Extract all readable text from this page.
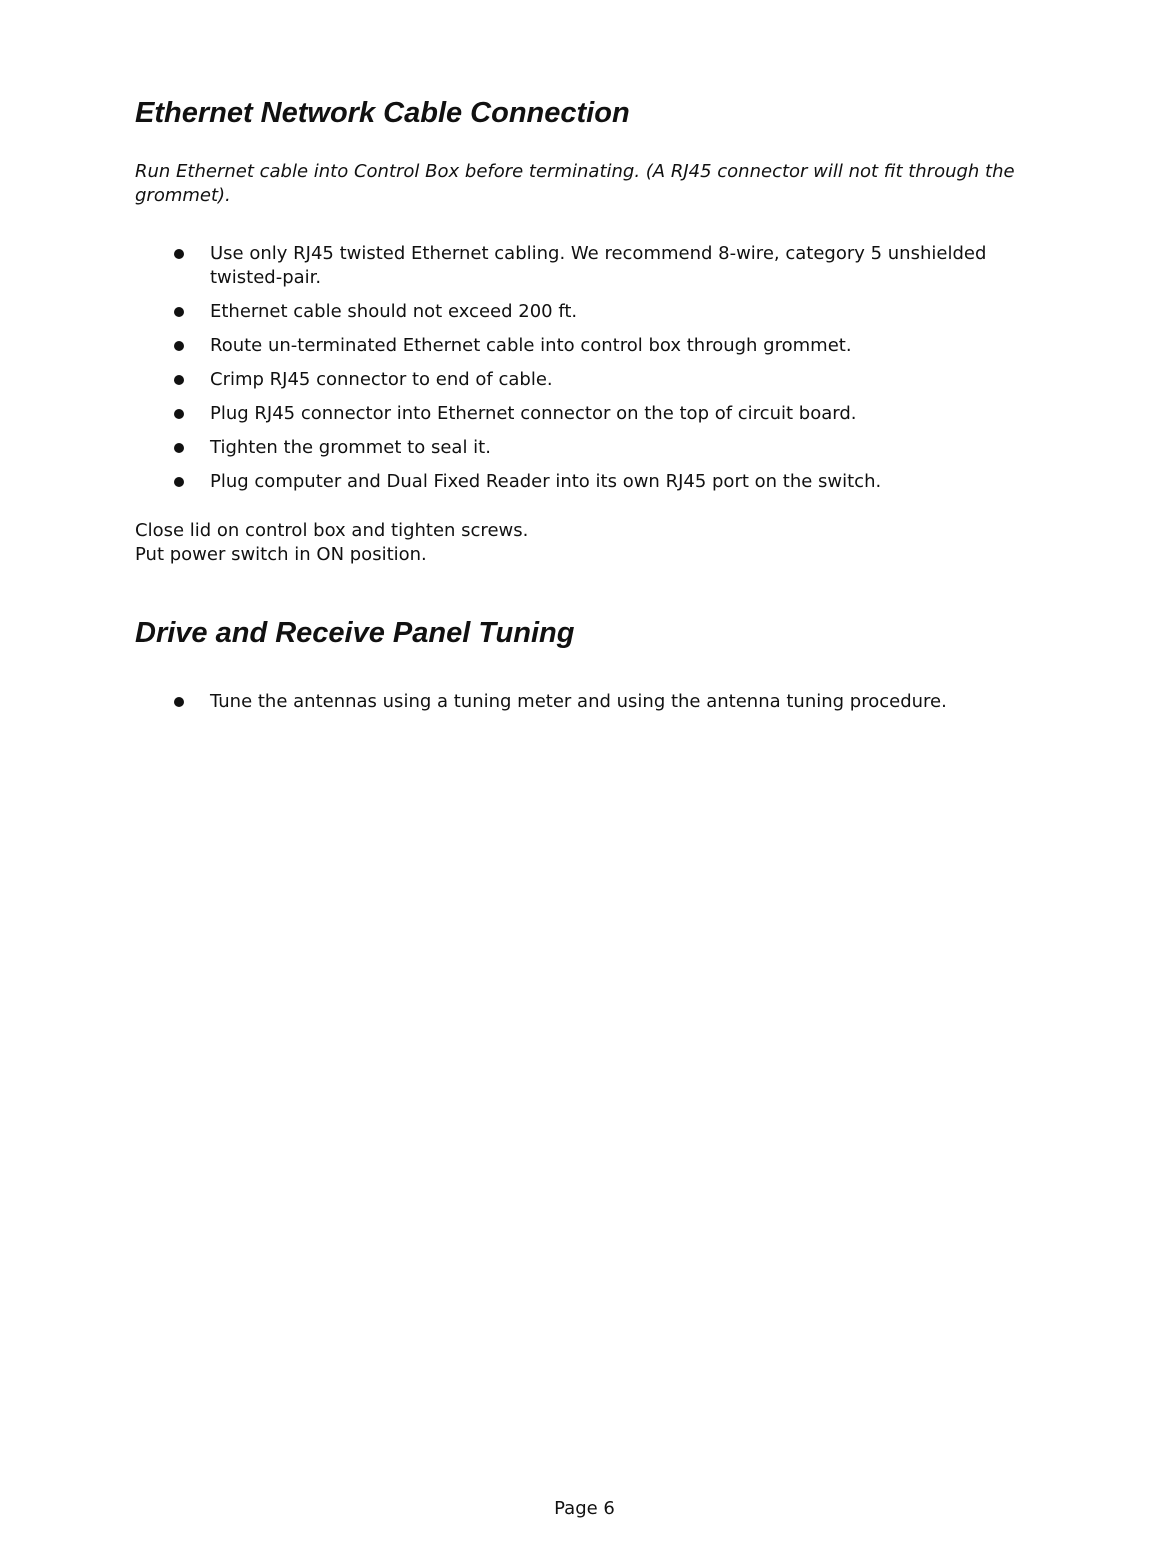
Ethernet Network Cable Connection

Run Ethernet cable into Control Box before terminating. (A RJ45 connector will not fit through the grommet).

Use only RJ45 twisted Ethernet cabling. We recommend 8-wire, category 5 unshielded twisted-pair.
Ethernet cable should not exceed 200 ft.
Route un-terminated Ethernet cable into control box through grommet.
Crimp RJ45 connector to end of cable.
Plug RJ45 connector into Ethernet connector on the top of circuit board.
Tighten the grommet to seal it.
Plug computer and Dual Fixed Reader into its own RJ45 port on the switch.

Close lid on control box and tighten screws.
Put power switch in ON position.

Drive and Receive Panel Tuning
Tune the antennas using a tuning meter and using the antenna tuning procedure.
Page 6
